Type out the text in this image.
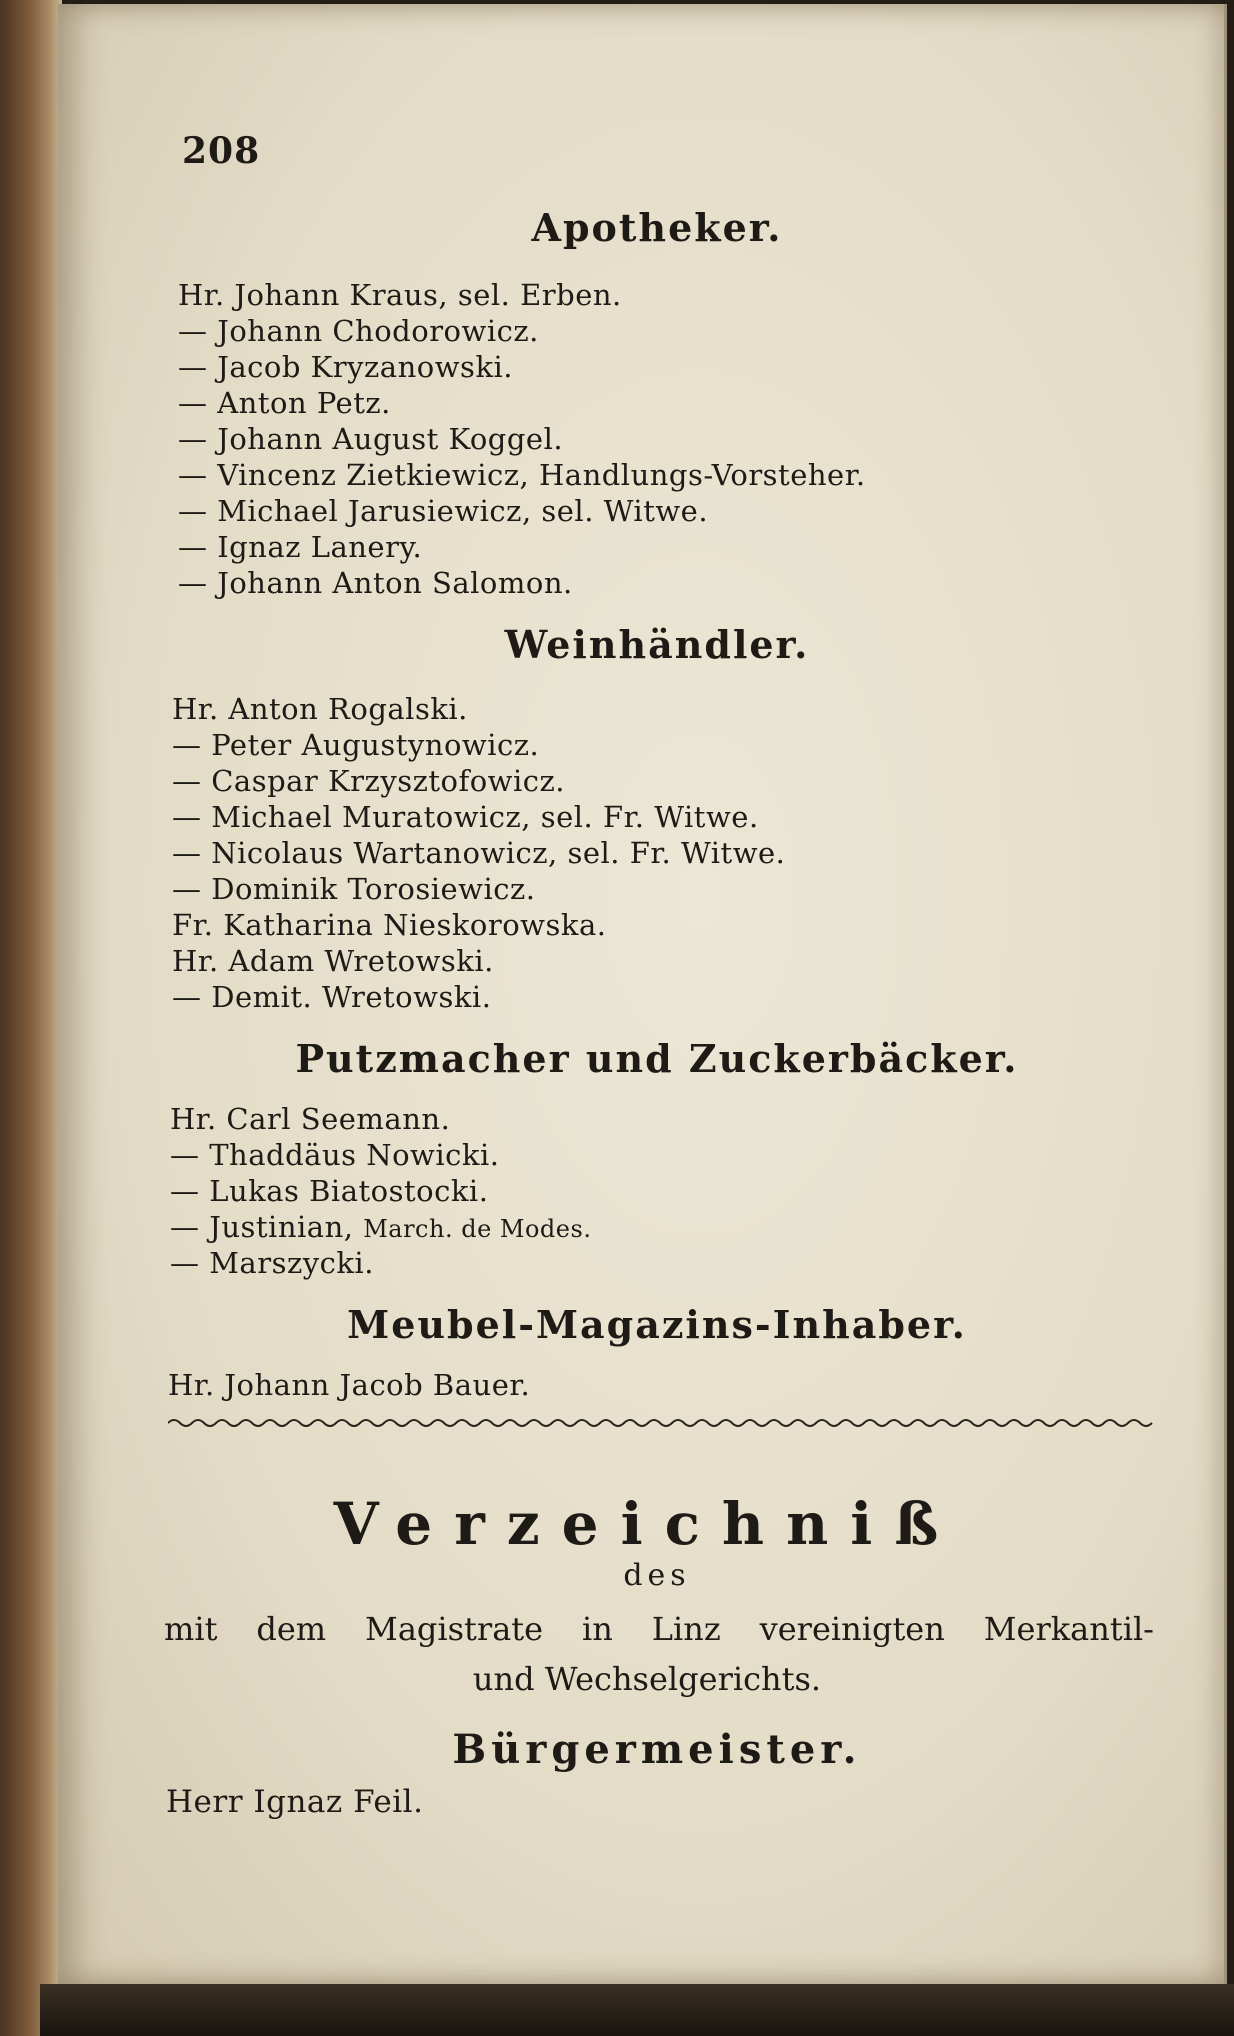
208
Apotheker.
Hr. Johann Kraus, sel. Erben.
— Johann Chodorowicz.
— Jacob Kryzanowski.
— Anton Petz.
— Johann August Koggel.
— Vincenz Zietkiewicz, Handlungs-Vorsteher.
— Michael Jarusiewicz, sel. Witwe.
— Ignaz Lanery.
— Johann Anton Salomon.
Weinhändler.
Hr. Anton Rogalski.
— Peter Augustynowicz.
— Caspar Krzysztofowicz.
— Michael Muratowicz, sel. Fr. Witwe.
— Nicolaus Wartanowicz, sel. Fr. Witwe.
— Dominik Torosiewicz.
Fr. Katharina Nieskorowska.
Hr. Adam Wretowski.
— Demit. Wretowski.
Putzmacher und Zuckerbäcker.
Hr. Carl Seemann.
— Thaddäus Nowicki.
— Lukas Biatostocki.
— Justinian, March. de Modes.
— Marszycki.
Meubel-Magazins-Inhaber.
Hr. Johann Jacob Bauer.
Verzeichniß
des
mit dem Magistrate in Linz vereinigten Merkantil-
und Wechselgerichts.
Bürgermeister.
Herr Ignaz Feil.
